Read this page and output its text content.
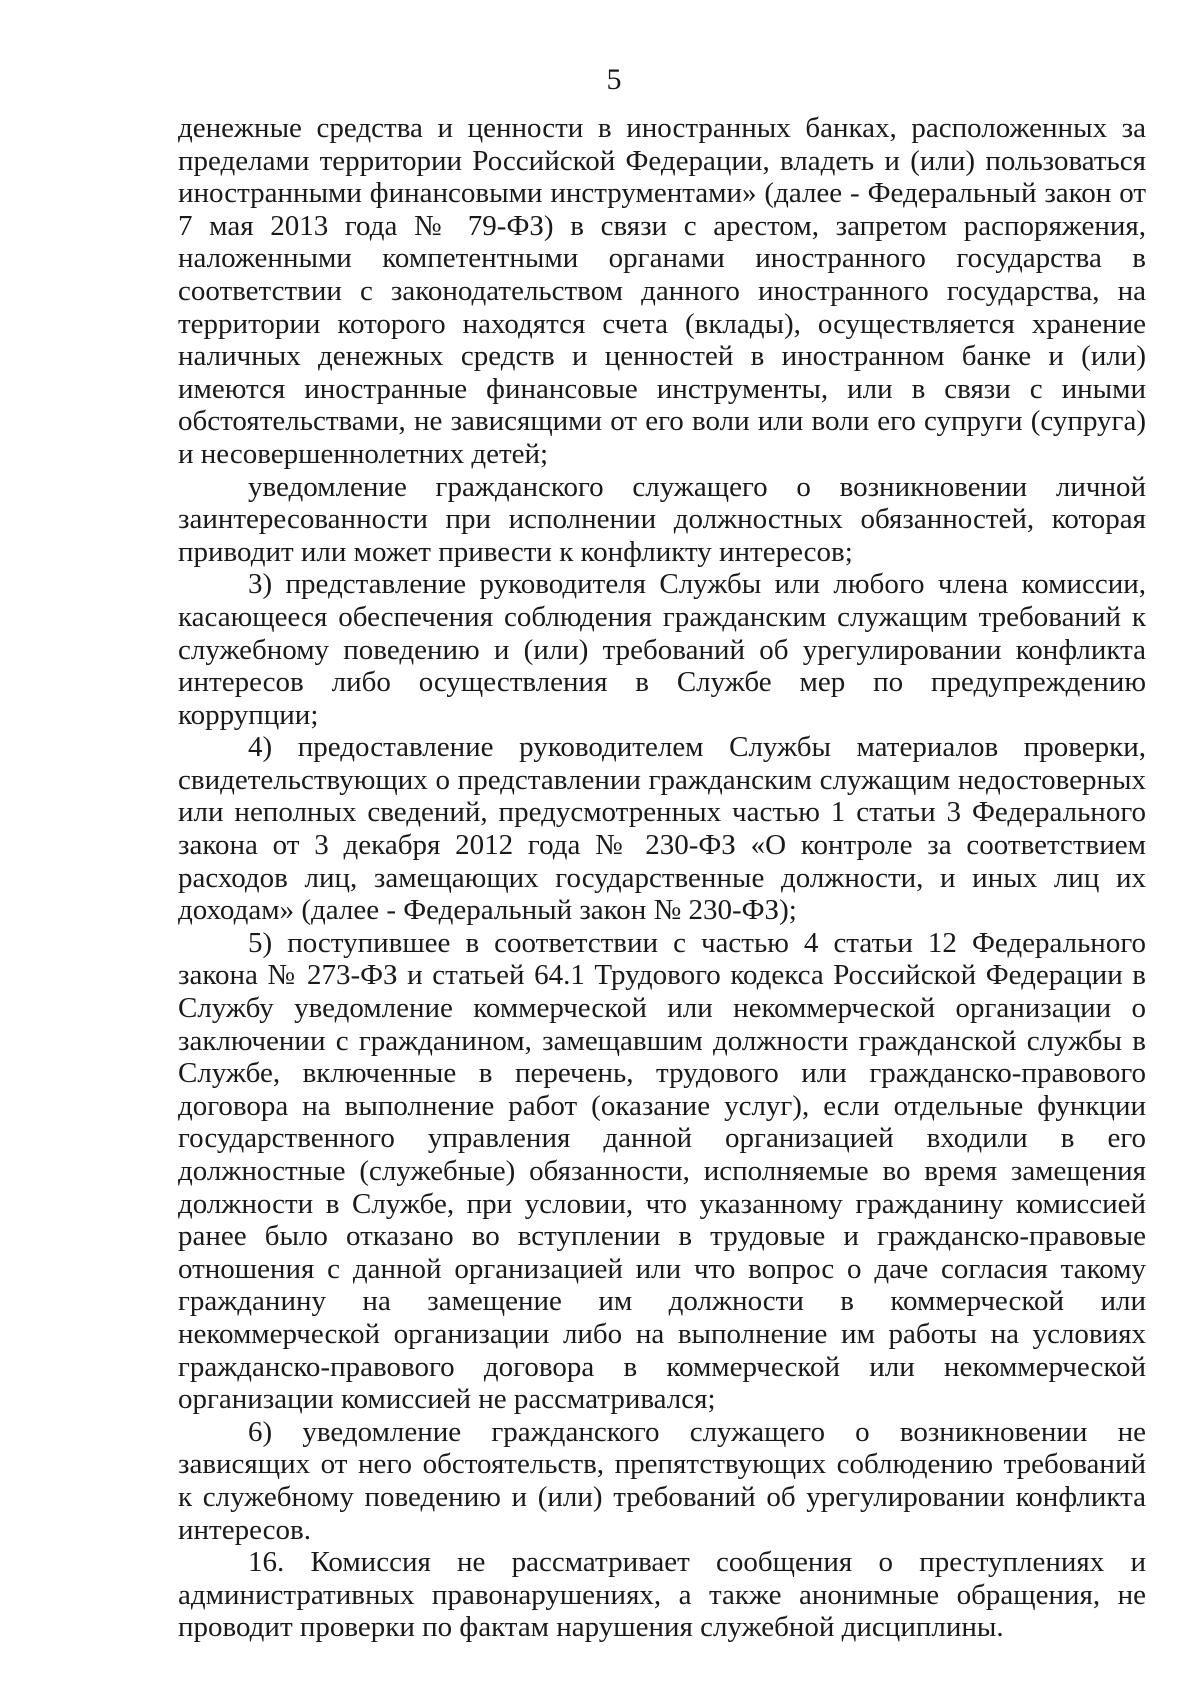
5

денежные средства и ценности в иностранных банках, расположенных за пределами территории Российской Федерации, владеть и (или) пользоваться иностранными финансовыми инструментами» (далее - Федеральный закон от 7 мая 2013 года № 79-ФЗ) в связи с арестом, запретом распоряжения, наложенными компетентными органами иностранного государства в соответствии с законодательством данного иностранного государства, на территории которого находятся счета (вклады), осуществляется хранение наличных денежных средств и ценностей в иностранном банке и (или) имеются иностранные финансовые инструменты, или в связи с иными обстоятельствами, не зависящими от его воли или воли его супруги (супруга) и несовершеннолетних детей;

уведомление гражданского служащего о возникновении личной заинтересованности при исполнении должностных обязанностей, которая приводит или может привести к конфликту интересов;

3) представление руководителя Службы или любого члена комиссии, касающееся обеспечения соблюдения гражданским служащим требований к служебному поведению и (или) требований об урегулировании конфликта интересов либо осуществления в Службе мер по предупреждению коррупции;

4) предоставление руководителем Службы материалов проверки, свидетельствующих о представлении гражданским служащим недостоверных или неполных сведений, предусмотренных частью 1 статьи 3 Федерального закона от 3 декабря 2012 года № 230-ФЗ «О контроле за соответствием расходов лиц, замещающих государственные должности, и иных лиц их доходам» (далее - Федеральный закон № 230-ФЗ);

5) поступившее в соответствии с частью 4 статьи 12 Федерального закона № 273-ФЗ и статьей 64.1 Трудового кодекса Российской Федерации в Службу уведомление коммерческой или некоммерческой организации о заключении с гражданином, замещавшим должности гражданской службы в Службе, включенные в перечень, трудового или гражданско-правового договора на выполнение работ (оказание услуг), если отдельные функции государственного управления данной организацией входили в его должностные (служебные) обязанности, исполняемые во время замещения должности в Службе, при условии, что указанному гражданину комиссией ранее было отказано во вступлении в трудовые и гражданско-правовые отношения с данной организацией или что вопрос о даче согласия такому гражданину на замещение им должности в коммерческой или некоммерческой организации либо на выполнение им работы на условиях гражданско-правового договора в коммерческой или некоммерческой организации комиссией не рассматривался;

6) уведомление гражданского служащего о возникновении не зависящих от него обстоятельств, препятствующих соблюдению требований к служебному поведению и (или) требований об урегулировании конфликта интересов.

16. Комиссия не рассматривает сообщения о преступлениях и административных правонарушениях, а также анонимные обращения, не проводит проверки по фактам нарушения служебной дисциплины.
